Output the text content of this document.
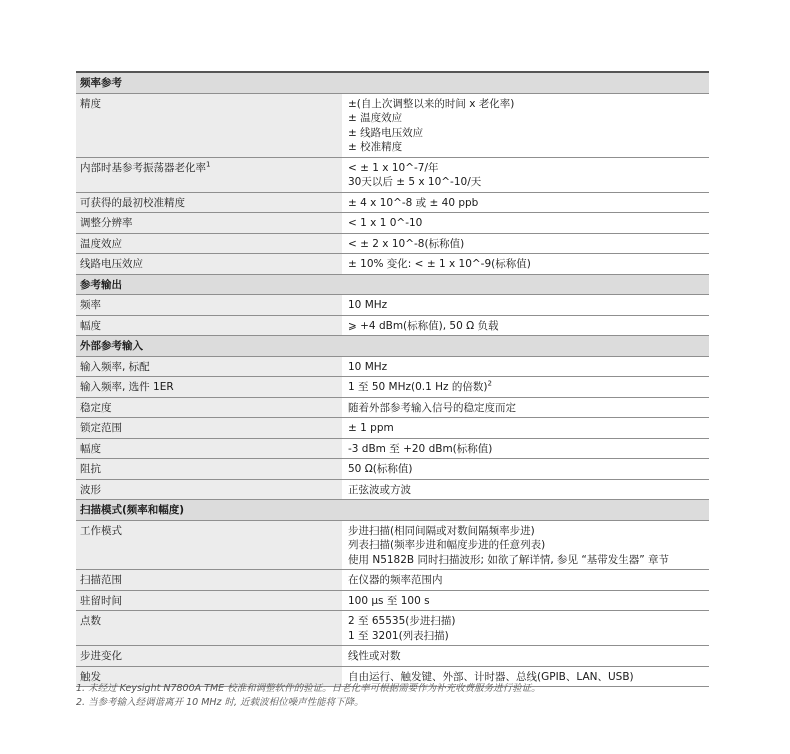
频率参考	
精度	±(自上次调整以来的时间 x 老化率)
± 温度效应
± 线路电压效应
± 校准精度

内部时基参考振荡器老化率$^1$	< ± 1 x 10^-7/年
30天以后 ± 5 x 10^-10/天

可获得的最初校准精度	± 4 x 10^-8 或 ± 40 ppb

调整分辨率	< 1 x 1 0^-10

温度效应	< ± 2 x 10^-8(标称值)

线路电压效应	± 10% 变化: < ± 1 x 10^-9(标称值)

参考输出	
频率	10 MHz

幅度	⩾ +4 dBm(标称值), 50 Ω 负载

外部参考输入	
输入频率, 标配	10 MHz

输入频率, 选件 1ER	1 至 50 MHz(0.1 Hz 的倍数)$^2$

稳定度	随着外部参考输入信号的稳定度而定

锁定范围	± 1 ppm

幅度	-3 dBm 至 +20 dBm(标称值)

阻抗	50 Ω(标称值)

波形	正弦波或方波

扫描模式(频率和幅度)	
工作模式	步进扫描(相同间隔或对数间隔频率步进)
列表扫描(频率步进和幅度步进的任意列表)
使用 N5182B 同时扫描波形; 如欲了解详情, 参见 “基带发生器” 章节

扫描范围	在仪器的频率范围内

驻留时间	100 μs 至 100 s

点数	2 至 65535(步进扫描)
1 至 3201(列表扫描)

步进变化	线性或对数

触发	自由运行、触发键、外部、计时器、总线(GPIB、LAN、USB)
1. 未经过 Keysight N7800A TME 校准和调整软件的验证。日老化率可根据需要作为补充收费服务进行验证。
2. 当参考输入经调谐离开 10 MHz 时, 近载波相位噪声性能将下降。
